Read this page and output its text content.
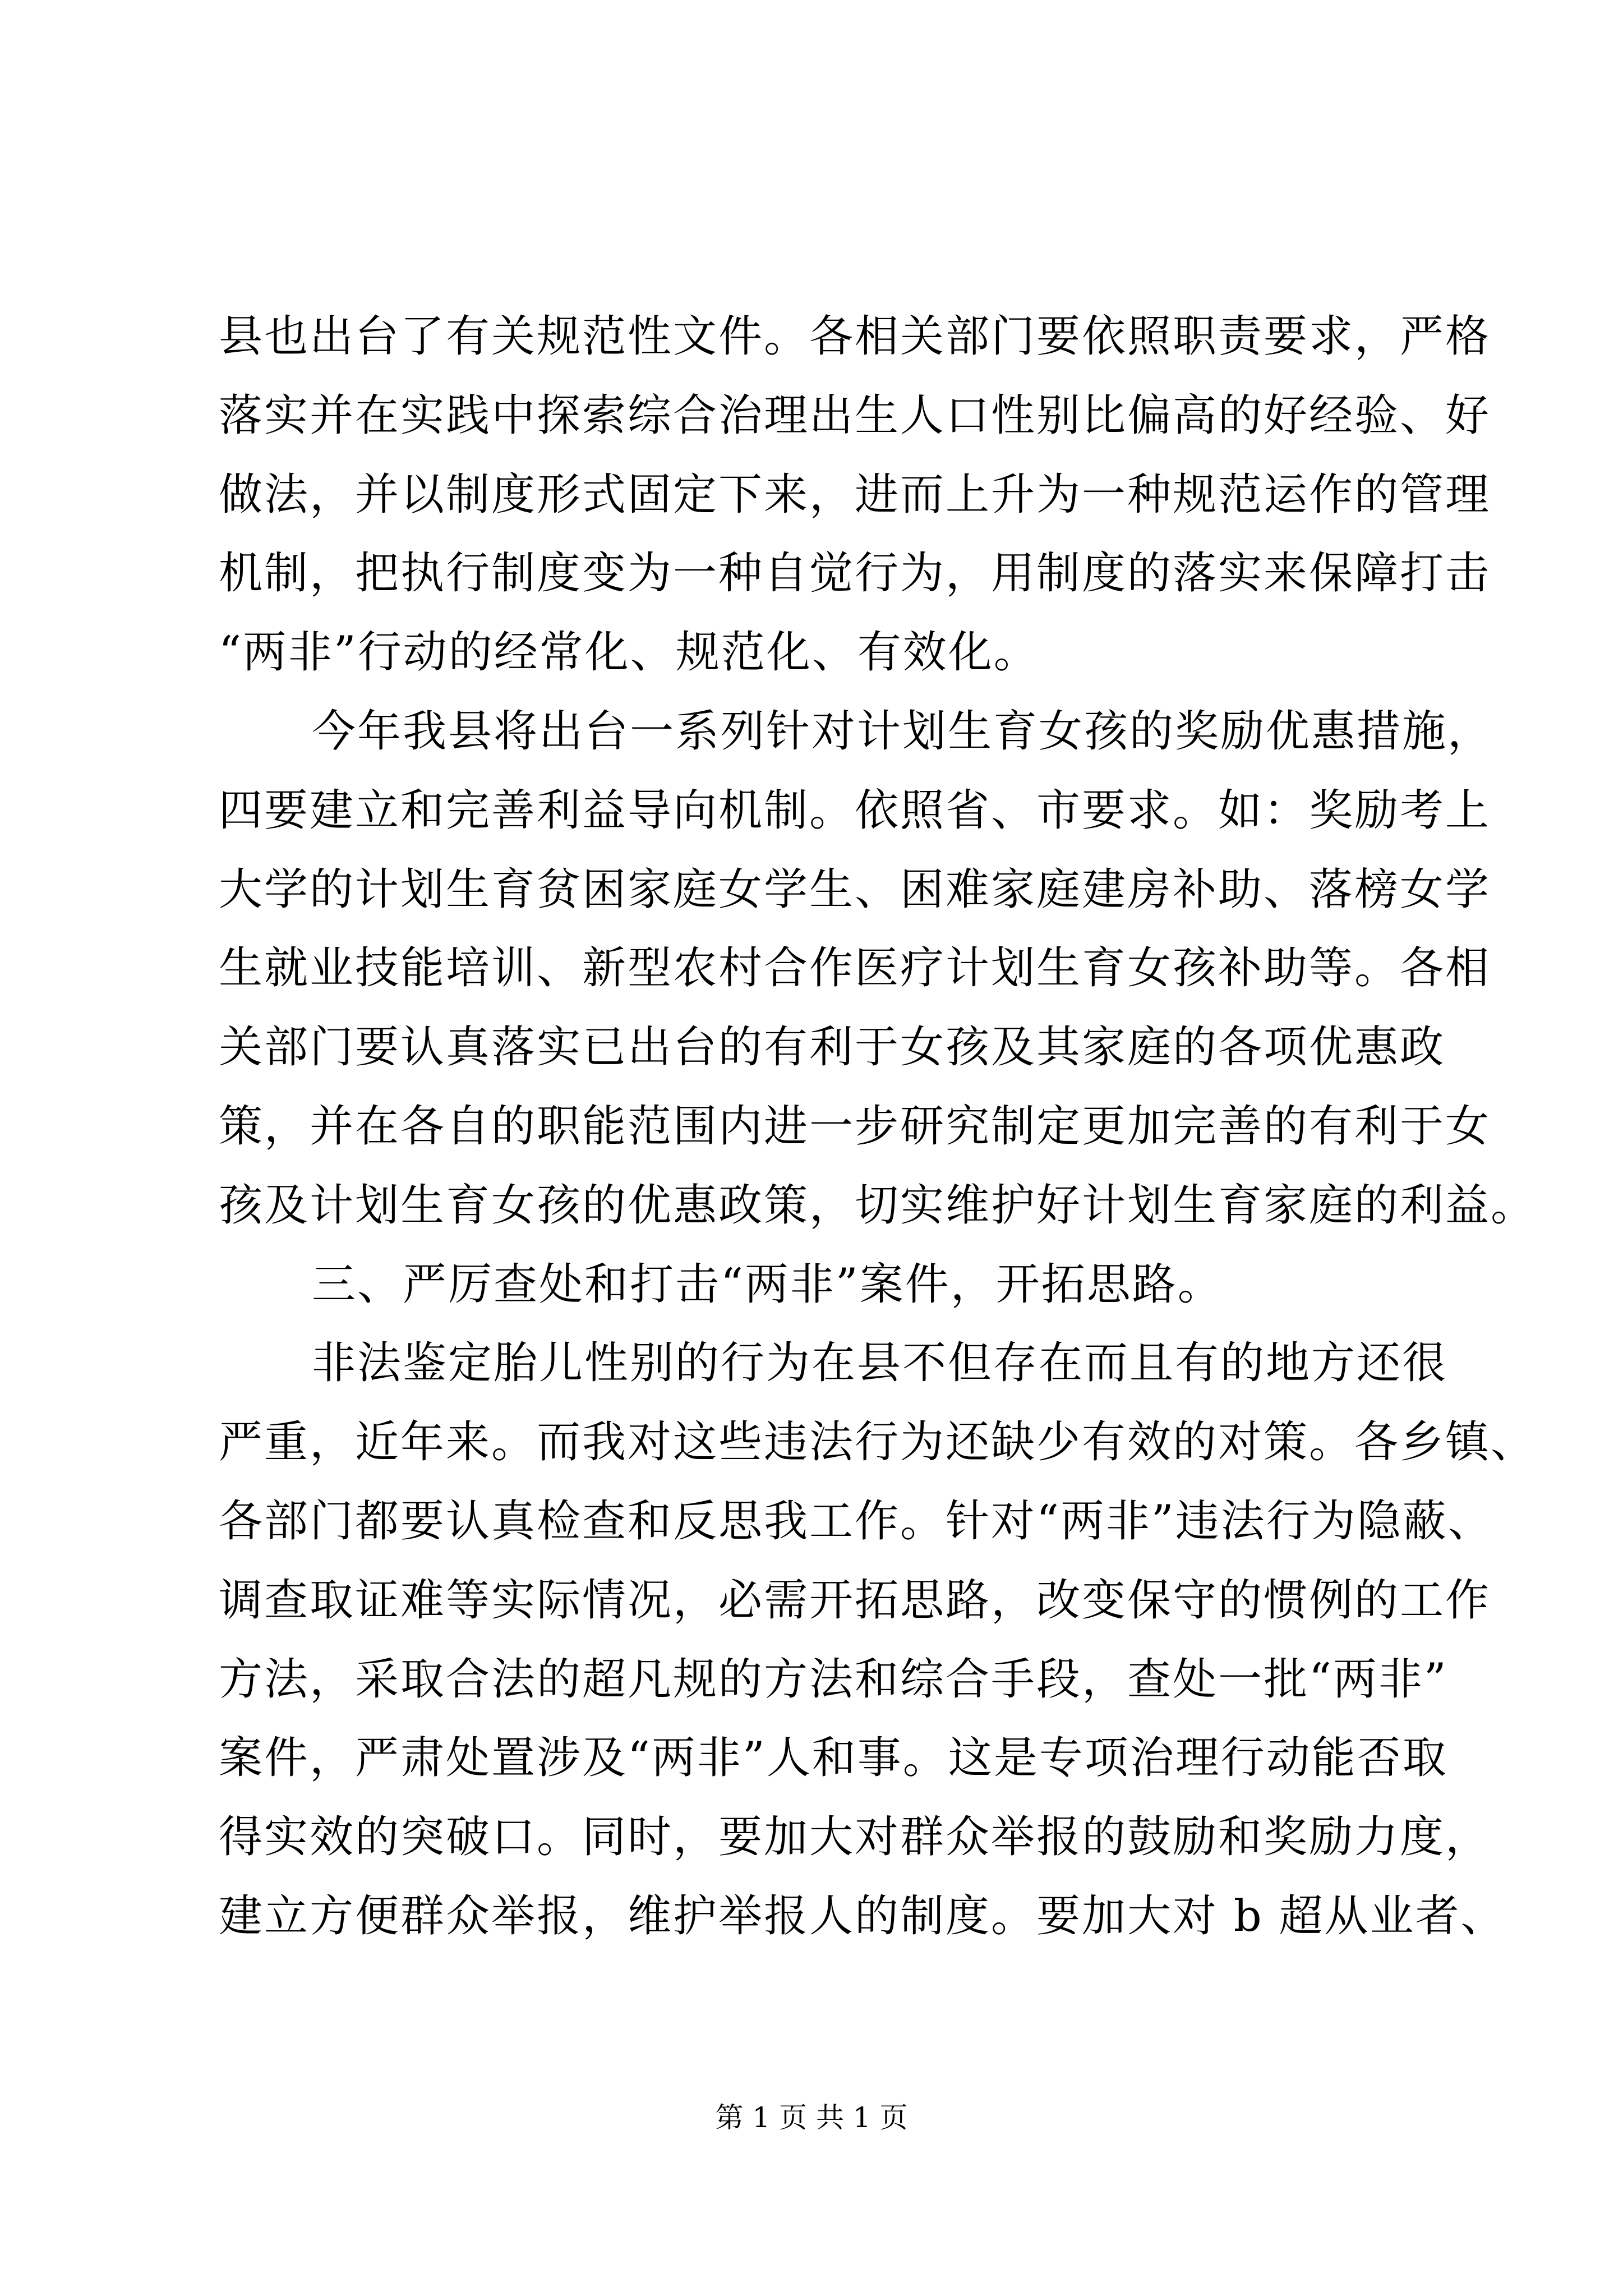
县也出台了有关规范性文件。各相关部门要依照职责要求，严格
落实并在实践中探索综合治理出生人口性别比偏高的好经验、好
做法，并以制度形式固定下来，进而上升为一种规范运作的管理
机制，把执行制度变为一种自觉行为，用制度的落实来保障打击
“两非”行动的经常化、规范化、有效化。
今年我县将出台一系列针对计划生育女孩的奖励优惠措施，
四要建立和完善利益导向机制。依照省、市要求。如：奖励考上
大学的计划生育贫困家庭女学生、困难家庭建房补助、落榜女学
生就业技能培训、新型农村合作医疗计划生育女孩补助等。各相
关部门要认真落实已出台的有利于女孩及其家庭的各项优惠政
策，并在各自的职能范围内进一步研究制定更加完善的有利于女
孩及计划生育女孩的优惠政策，切实维护好计划生育家庭的利益。
三、严厉查处和打击“两非”案件，开拓思路。
非法鉴定胎儿性别的行为在县不但存在而且有的地方还很
严重，近年来。而我对这些违法行为还缺少有效的对策。各乡镇、
各部门都要认真检查和反思我工作。针对“两非”违法行为隐蔽、
调查取证难等实际情况，必需开拓思路，改变保守的惯例的工作
方法，采取合法的超凡规的方法和综合手段，查处一批“两非”
案件，严肃处置涉及“两非”人和事。这是专项治理行动能否取
得实效的突破口。同时，要加大对群众举报的鼓励和奖励力度，
建立方便群众举报，维护举报人的制度。要加大对 b 超从业者、
第 1 页 共 1 页
